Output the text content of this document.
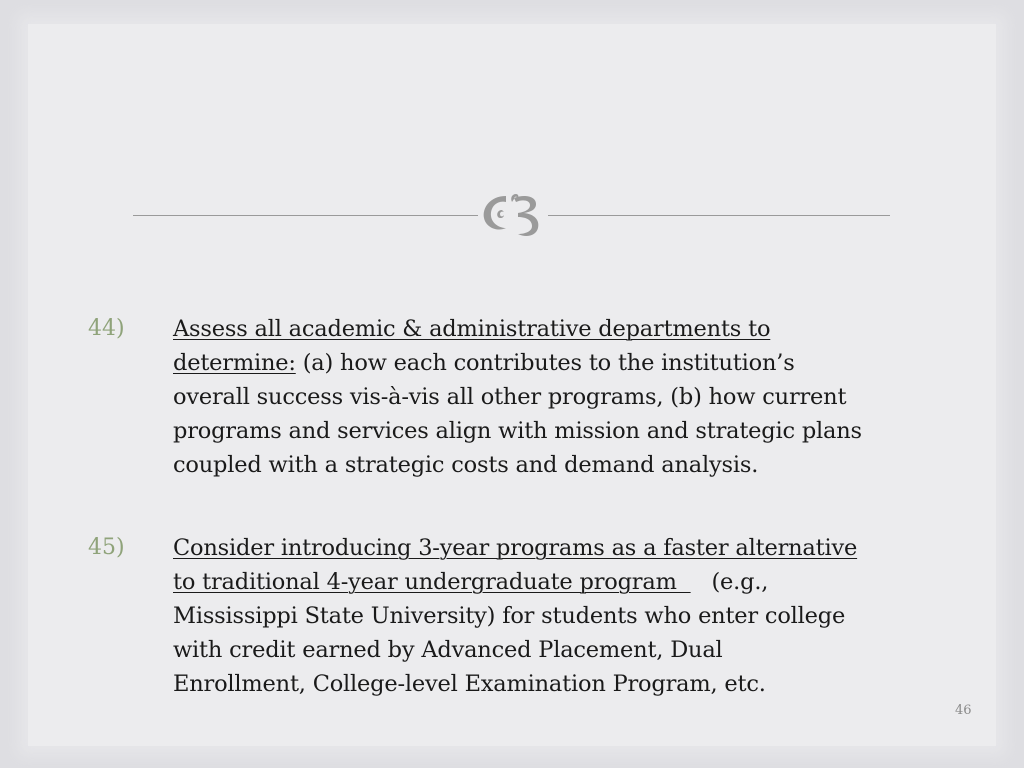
44) Assess all academic & administrative departments to
determine: (a) how each contributes to the institution’s
overall success vis-à-vis all other programs, (b) how current
programs and services align with mission and strategic plans
coupled with a strategic costs and demand analysis.
45) Consider introducing 3-year programs as a faster alternative
to traditional 4-year undergraduate program     (e.g.,
Mississippi State University) for students who enter college
with credit earned by Advanced Placement, Dual
Enrollment, College-level Examination Program, etc.
46
